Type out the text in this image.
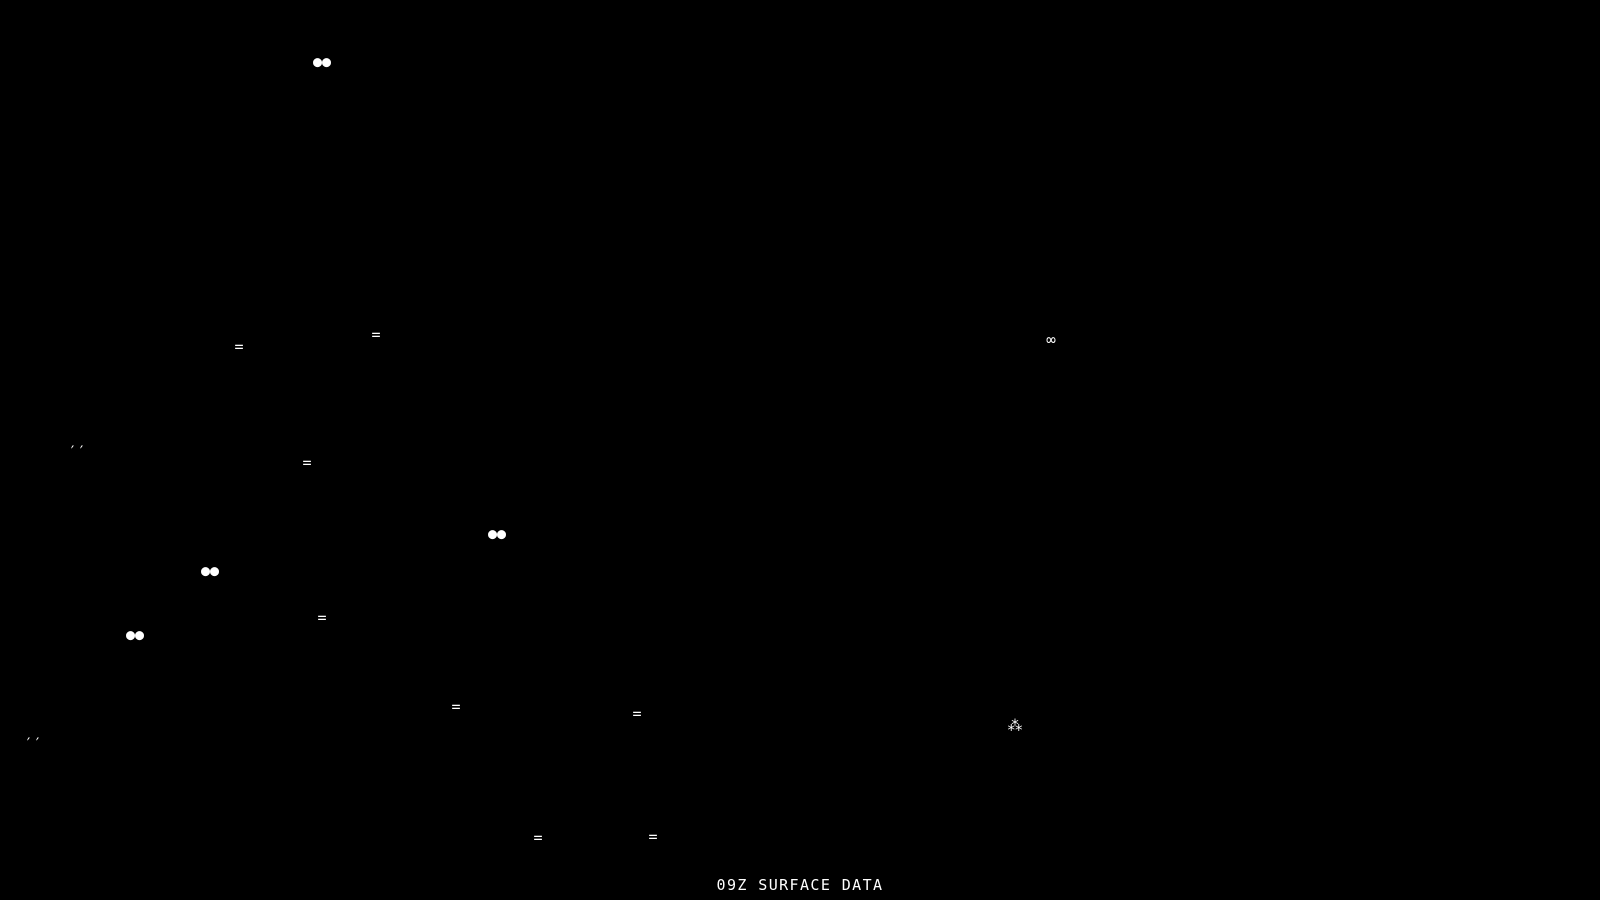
●●
=
=	∞
′′
=
●●
●●
=
●●
=	=
⁂
′′
=	=
09Z SURFACE DATA
